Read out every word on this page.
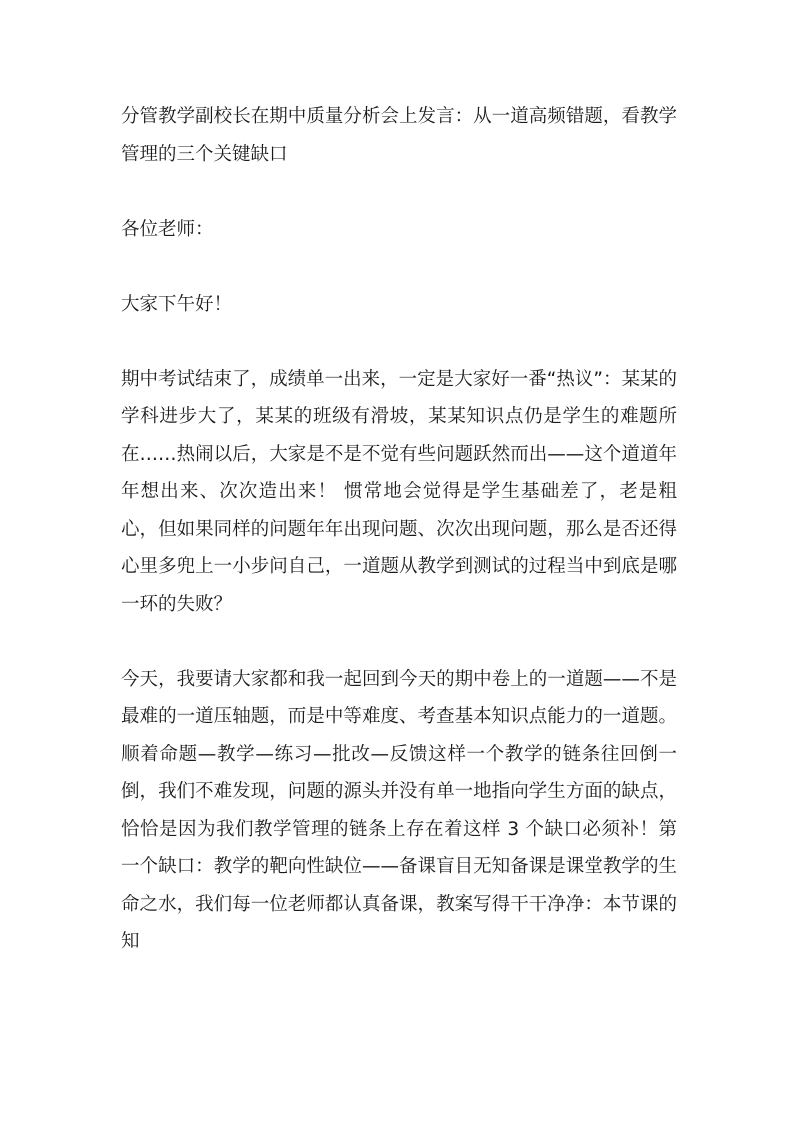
分管教学副校长在期中质量分析会上发言：从一道高频错题，看教学管理的三个关键缺口

各位老师：

大家下午好！

期中考试结束了，成绩单一出来，一定是大家好一番“热议”：某某的学科进步大了，某某的班级有滑坡，某某知识点仍是学生的难题所在……热闹以后，大家是不是不觉有些问题跃然而出——这个道道年年想出来、次次造出来！ 惯常地会觉得是学生基础差了，老是粗心，但如果同样的问题年年出现问题、次次出现问题，那么是否还得心里多兜上一小步问自己，一道题从教学到测试的过程当中到底是哪一环的失败？

今天，我要请大家都和我一起回到今天的期中卷上的一道题——不是最难的一道压轴题，而是中等难度、考查基本知识点能力的一道题。顺着命题—教学—练习—批改—反馈这样一个教学的链条往回倒一倒，我们不难发现，问题的源头并没有单一地指向学生方面的缺点，恰恰是因为我们教学管理的链条上存在着这样 3 个缺口必须补！第一个缺口：教学的靶向性缺位——备课盲目无知备课是课堂教学的生命之水，我们每一位老师都认真备课，教案写得干干净净：本节课的知
